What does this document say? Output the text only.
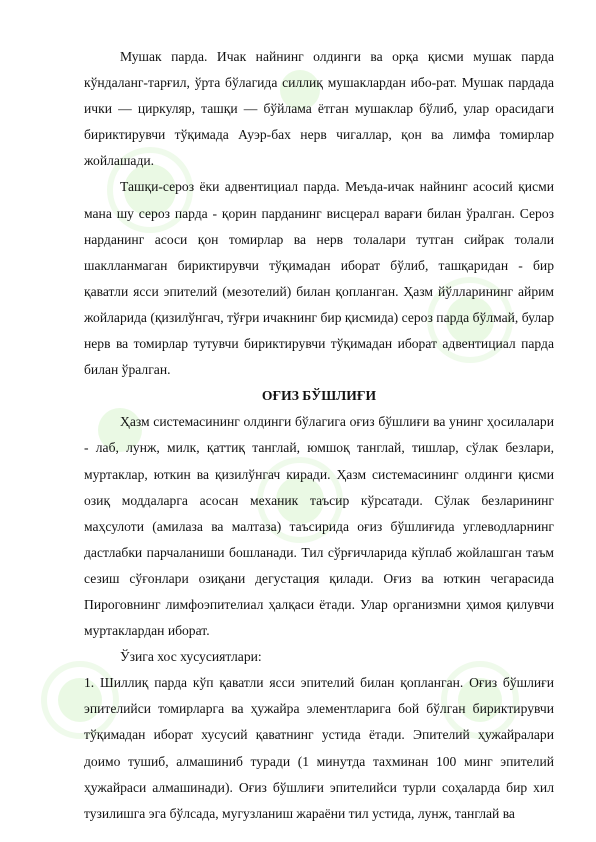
Мушак парда. Ичак найнинг олдинги ва орқа қисми мушак парда кўндаланг-тарғил, ўрта бўлагида силлиқ мушаклардан ибо-рат. Мушак пардада ички — циркуляр, ташқи — бўйлама ётган мушаклар бўлиб, улар орасидаги бириктирувчи тўқимада Ауэр-бах нерв чигаллар, қон ва лимфа томирлар жойлашади.

Ташқи-сероз ёки адвентициал парда. Меъда-ичак найнинг асосий қисми мана шу сероз парда - қорин парданинг висцерал варағи билан ўралган. Сероз нарданинг асоси қон томирлар ва нерв толалари тутган сийрак толали шаклланмаган бириктирувчи тўқимадан иборат бўлиб, ташқаридан - бир қаватли ясси эпителий (мезотелий) билан қопланган. Ҳазм йўлларининг айрим жойларида (қизилўнгач, тўғри ичакнинг бир қисмида) сероз парда бўлмай, булар нерв ва томирлар тутувчи бириктирувчи тўқимадан иборат адвентициал парда билан ўралган.

ОҒИЗ БЎШЛИҒИ

Ҳазм системасининг олдинги бўлагига оғиз бўшлиғи ва унинг ҳосилалари - лаб, лунж, милк, қаттиқ танглай, юмшоқ танглай, тишлар, сўлак безлари, муртаклар, юткин ва қизилўнгач киради. Ҳазм системасининг олдинги қисми озиқ моддаларга асосан механик таъсир кўрсатади. Сўлак безларининг маҳсулоти (амилаза ва малтаза) таъсирида оғиз бўшлиғида углеводларнинг дастлабки парчаланиши бошланади. Тил сўрғичларида кўплаб жойлашган таъм сезиш сўғонлари озиқани дегустация қилади. Оғиз ва юткин чегарасида Пироговнинг лимфоэпителиал ҳалқаси ётади. Улар организмни ҳимоя қилувчи муртаклардан иборат.

Ўзига хос хусусиятлари:

1. Шиллиқ парда кўп қаватли ясси эпителий билан қопланган. Оғиз бўшлиғи эпителийси томирларга ва ҳужайра элементларига бой бўлган бириктирувчи тўқимадан иборат хусусий қаватнинг устида ётади. Эпителий ҳужайралари доимо тушиб, алмашиниб туради (1 минутда тахминан 100 минг эпителий ҳужайраси алмашинади). Оғиз бўшлиғи эпителийси турли соҳаларда бир хил тузилишга эга бўлсада, мугузланиш жараёни тил устида, лунж, танглай ва
